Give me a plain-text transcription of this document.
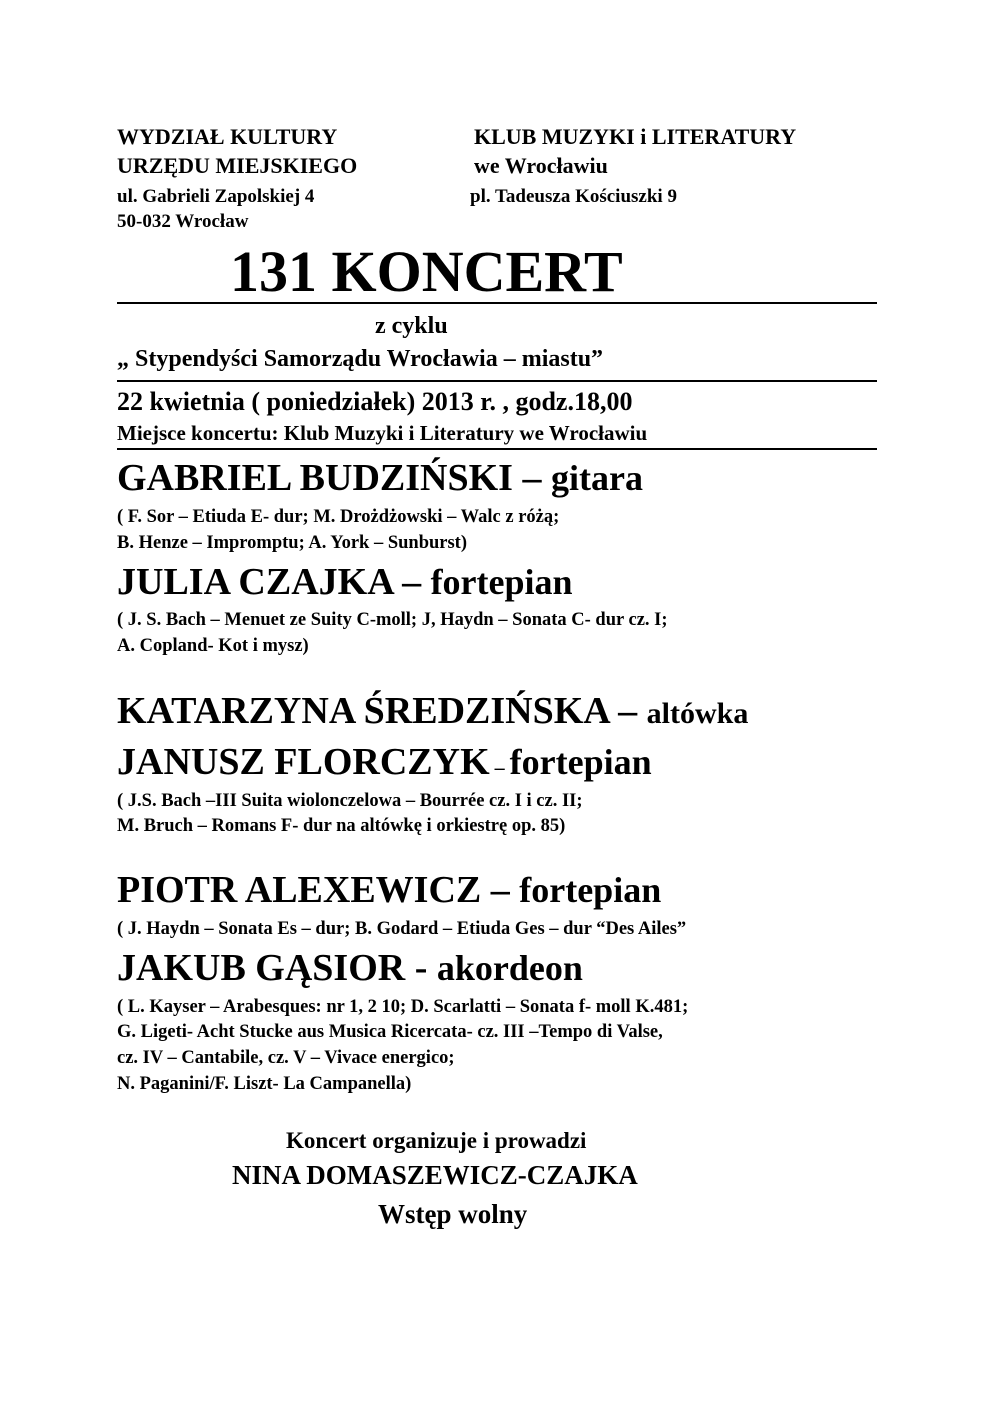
WYDZIAŁ KULTURY
URZĘDU MIEJSKIEGO
ul. Gabrieli Zapolskiej 4
50-032 Wrocław
KLUB MUZYKI i LITERATURY
we Wrocławiu
pl. Tadeusza Kościuszki 9
131 KONCERT
z cyklu
„ Stypendyści Samorządu Wrocławia – miastu”
22 kwietnia ( poniedziałek) 2013 r. , godz.18,00
Miejsce koncertu: Klub Muzyki i Literatury we Wrocławiu
GABRIEL BUDZIŃSKI – gitara
( F. Sor – Etiuda E- dur; M. Drożdżowski – Walc z różą;
B. Henze – Impromptu; A. York – Sunburst)
JULIA CZAJKA – fortepian
( J. S. Bach – Menuet ze Suity C-moll; J, Haydn – Sonata C- dur cz. I;
A. Copland- Kot i mysz)
KATARZYNA ŚREDZIŃSKA – altówka
JANUSZ FLORCZYK – fortepian
( J.S. Bach –III Suita wiolonczelowa – Bourrée cz. I i cz. II;
M. Bruch – Romans F- dur na altówkę i orkiestrę op. 85)
PIOTR ALEXEWICZ – fortepian
( J. Haydn – Sonata Es – dur; B. Godard – Etiuda Ges – dur “Des Ailes”
JAKUB GĄSIOR - akordeon
( L. Kayser – Arabesques: nr 1, 2 10; D. Scarlatti – Sonata f- moll K.481;
G. Ligeti- Acht Stucke aus Musica Ricercata- cz. III –Tempo di Valse,
cz. IV – Cantabile, cz. V – Vivace energico;
N. Paganini/F. Liszt- La Campanella)
Koncert organizuje i prowadzi
NINA DOMASZEWICZ-CZAJKA
Wstęp wolny
